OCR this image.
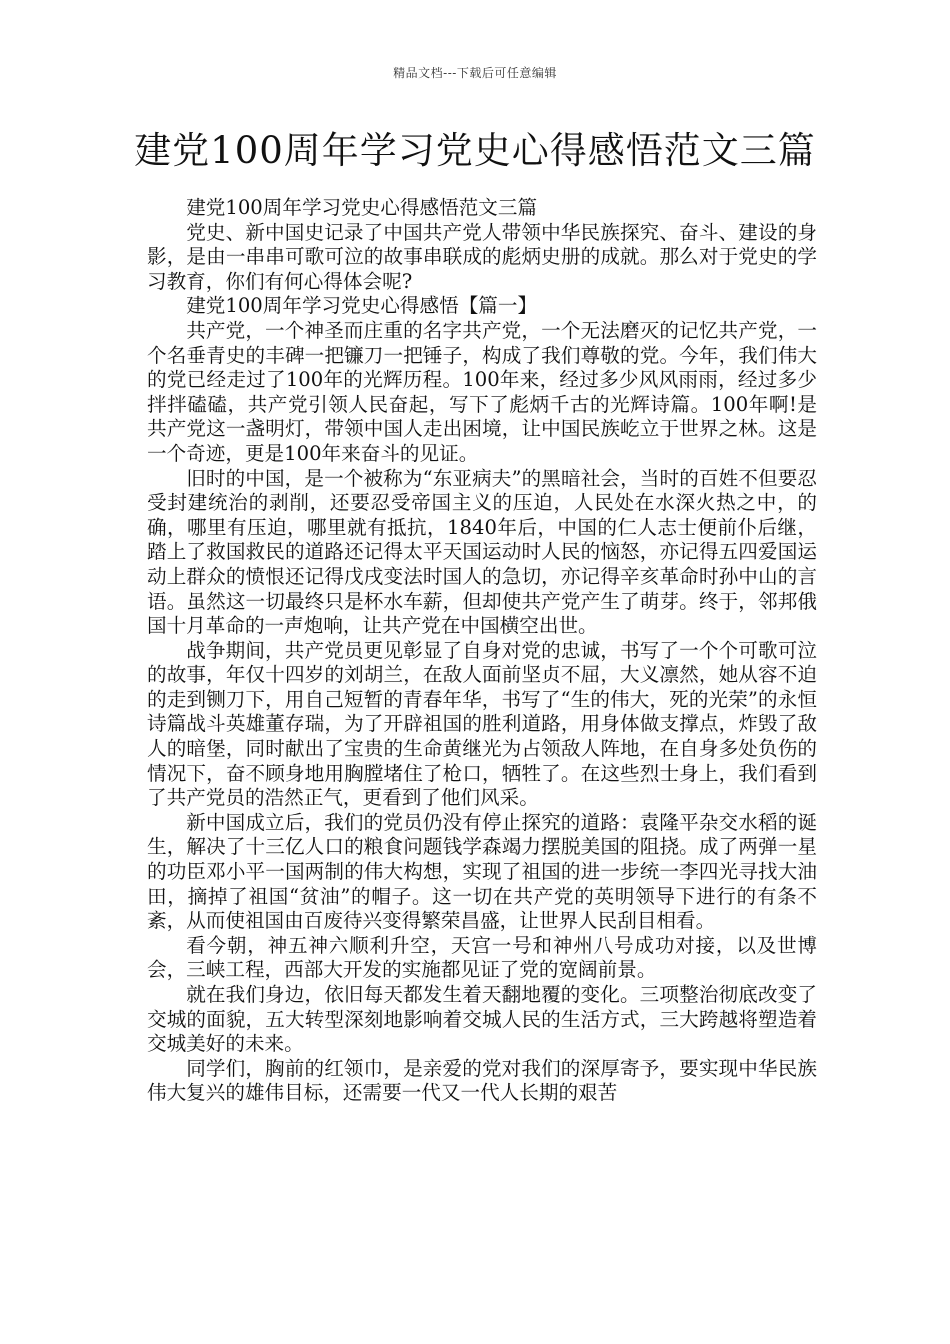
精品文档---下载后可任意编辑
建党100周年学习党史心得感悟范文三篇

建党100周年学习党史心得感悟范文三篇

党史、新中国史记录了中国共产党人带领中华民族探究、奋斗、建设的身影，是由一串串可歌可泣的故事串联成的彪炳史册的成就。那么对于党史的学习教育，你们有何心得体会呢?

建党100周年学习党史心得感悟【篇一】

共产党，一个神圣而庄重的名字共产党，一个无法磨灭的记忆共产党，一个名垂青史的丰碑一把镰刀一把锤子，构成了我们尊敬的党。今年，我们伟大的党已经走过了100年的光辉历程。100年来，经过多少风风雨雨，经过多少拌拌磕磕，共产党引领人民奋起，写下了彪炳千古的光辉诗篇。100年啊!是共产党这一盏明灯，带领中国人走出困境，让中国民族屹立于世界之林。这是一个奇迹，更是100年来奋斗的见证。

旧时的中国，是一个被称为“东亚病夫”的黑暗社会，当时的百姓不但要忍受封建统治的剥削，还要忍受帝国主义的压迫，人民处在水深火热之中，的确，哪里有压迫，哪里就有抵抗，1840年后，中国的仁人志士便前仆后继，踏上了救国救民的道路还记得太平天国运动时人民的恼怒，亦记得五四爱国运动上群众的愤恨还记得戊戌变法时国人的急切，亦记得辛亥革命时孙中山的言语。虽然这一切最终只是杯水车薪，但却使共产党产生了萌芽。终于，邻邦俄国十月革命的一声炮响，让共产党在中国横空出世。

战争期间，共产党员更见彰显了自身对党的忠诚，书写了一个个可歌可泣的故事，年仅十四岁的刘胡兰，在敌人面前坚贞不屈，大义凛然，她从容不迫的走到铡刀下，用自己短暂的青春年华，书写了“生的伟大，死的光荣”的永恒诗篇战斗英雄董存瑞，为了开辟祖国的胜利道路，用身体做支撑点，炸毁了敌人的暗堡，同时献出了宝贵的生命黄继光为占领敌人阵地，在自身多处负伤的情况下，奋不顾身地用胸膛堵住了枪口，牺牲了。在这些烈士身上，我们看到了共产党员的浩然正气，更看到了他们风采。

新中国成立后，我们的党员仍没有停止探究的道路：袁隆平杂交水稻的诞生，解决了十三亿人口的粮食问题钱学森竭力摆脱美国的阻挠。成了两弹一星的功臣邓小平一国两制的伟大构想，实现了祖国的进一步统一李四光寻找大油田，摘掉了祖国“贫油”的帽子。这一切在共产党的英明领导下进行的有条不紊，从而使祖国由百废待兴变得繁荣昌盛，让世界人民刮目相看。

看今朝，神五神六顺利升空，天宫一号和神州八号成功对接，以及世博会，三峡工程，西部大开发的实施都见证了党的宽阔前景。

就在我们身边，依旧每天都发生着天翻地覆的变化。三项整治彻底改变了交城的面貌，五大转型深刻地影响着交城人民的生活方式，三大跨越将塑造着交城美好的未来。

同学们，胸前的红领巾，是亲爱的党对我们的深厚寄予，要实现中华民族伟大复兴的雄伟目标，还需要一代又一代人长期的艰苦
